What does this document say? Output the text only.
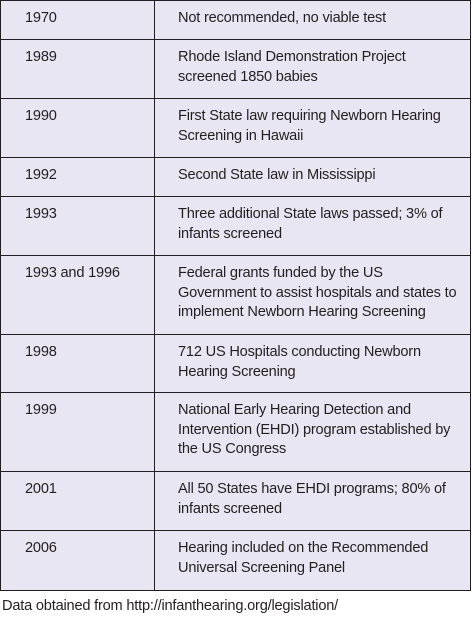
1970	Not recommended, no viable test
1989	Rhode Island Demonstration Project screened 1850 babies
1990	First State law requiring Newborn Hearing Screening in Hawaii
1992	Second State law in Mississippi
1993	Three additional State laws passed; 3% of infants screened
1993 and 1996	Federal grants funded by the US Government to assist hospitals and states to implement Newborn Hearing Screening
1998	712 US Hospitals conducting Newborn Hearing Screening
1999	National Early Hearing Detection and Intervention (EHDI) program established by the US Congress
2001	All 50 States have EHDI programs; 80% of infants screened
2006	Hearing included on the Recommended Universal Screening Panel
Data obtained from http://infanthearing.org/legislation/
